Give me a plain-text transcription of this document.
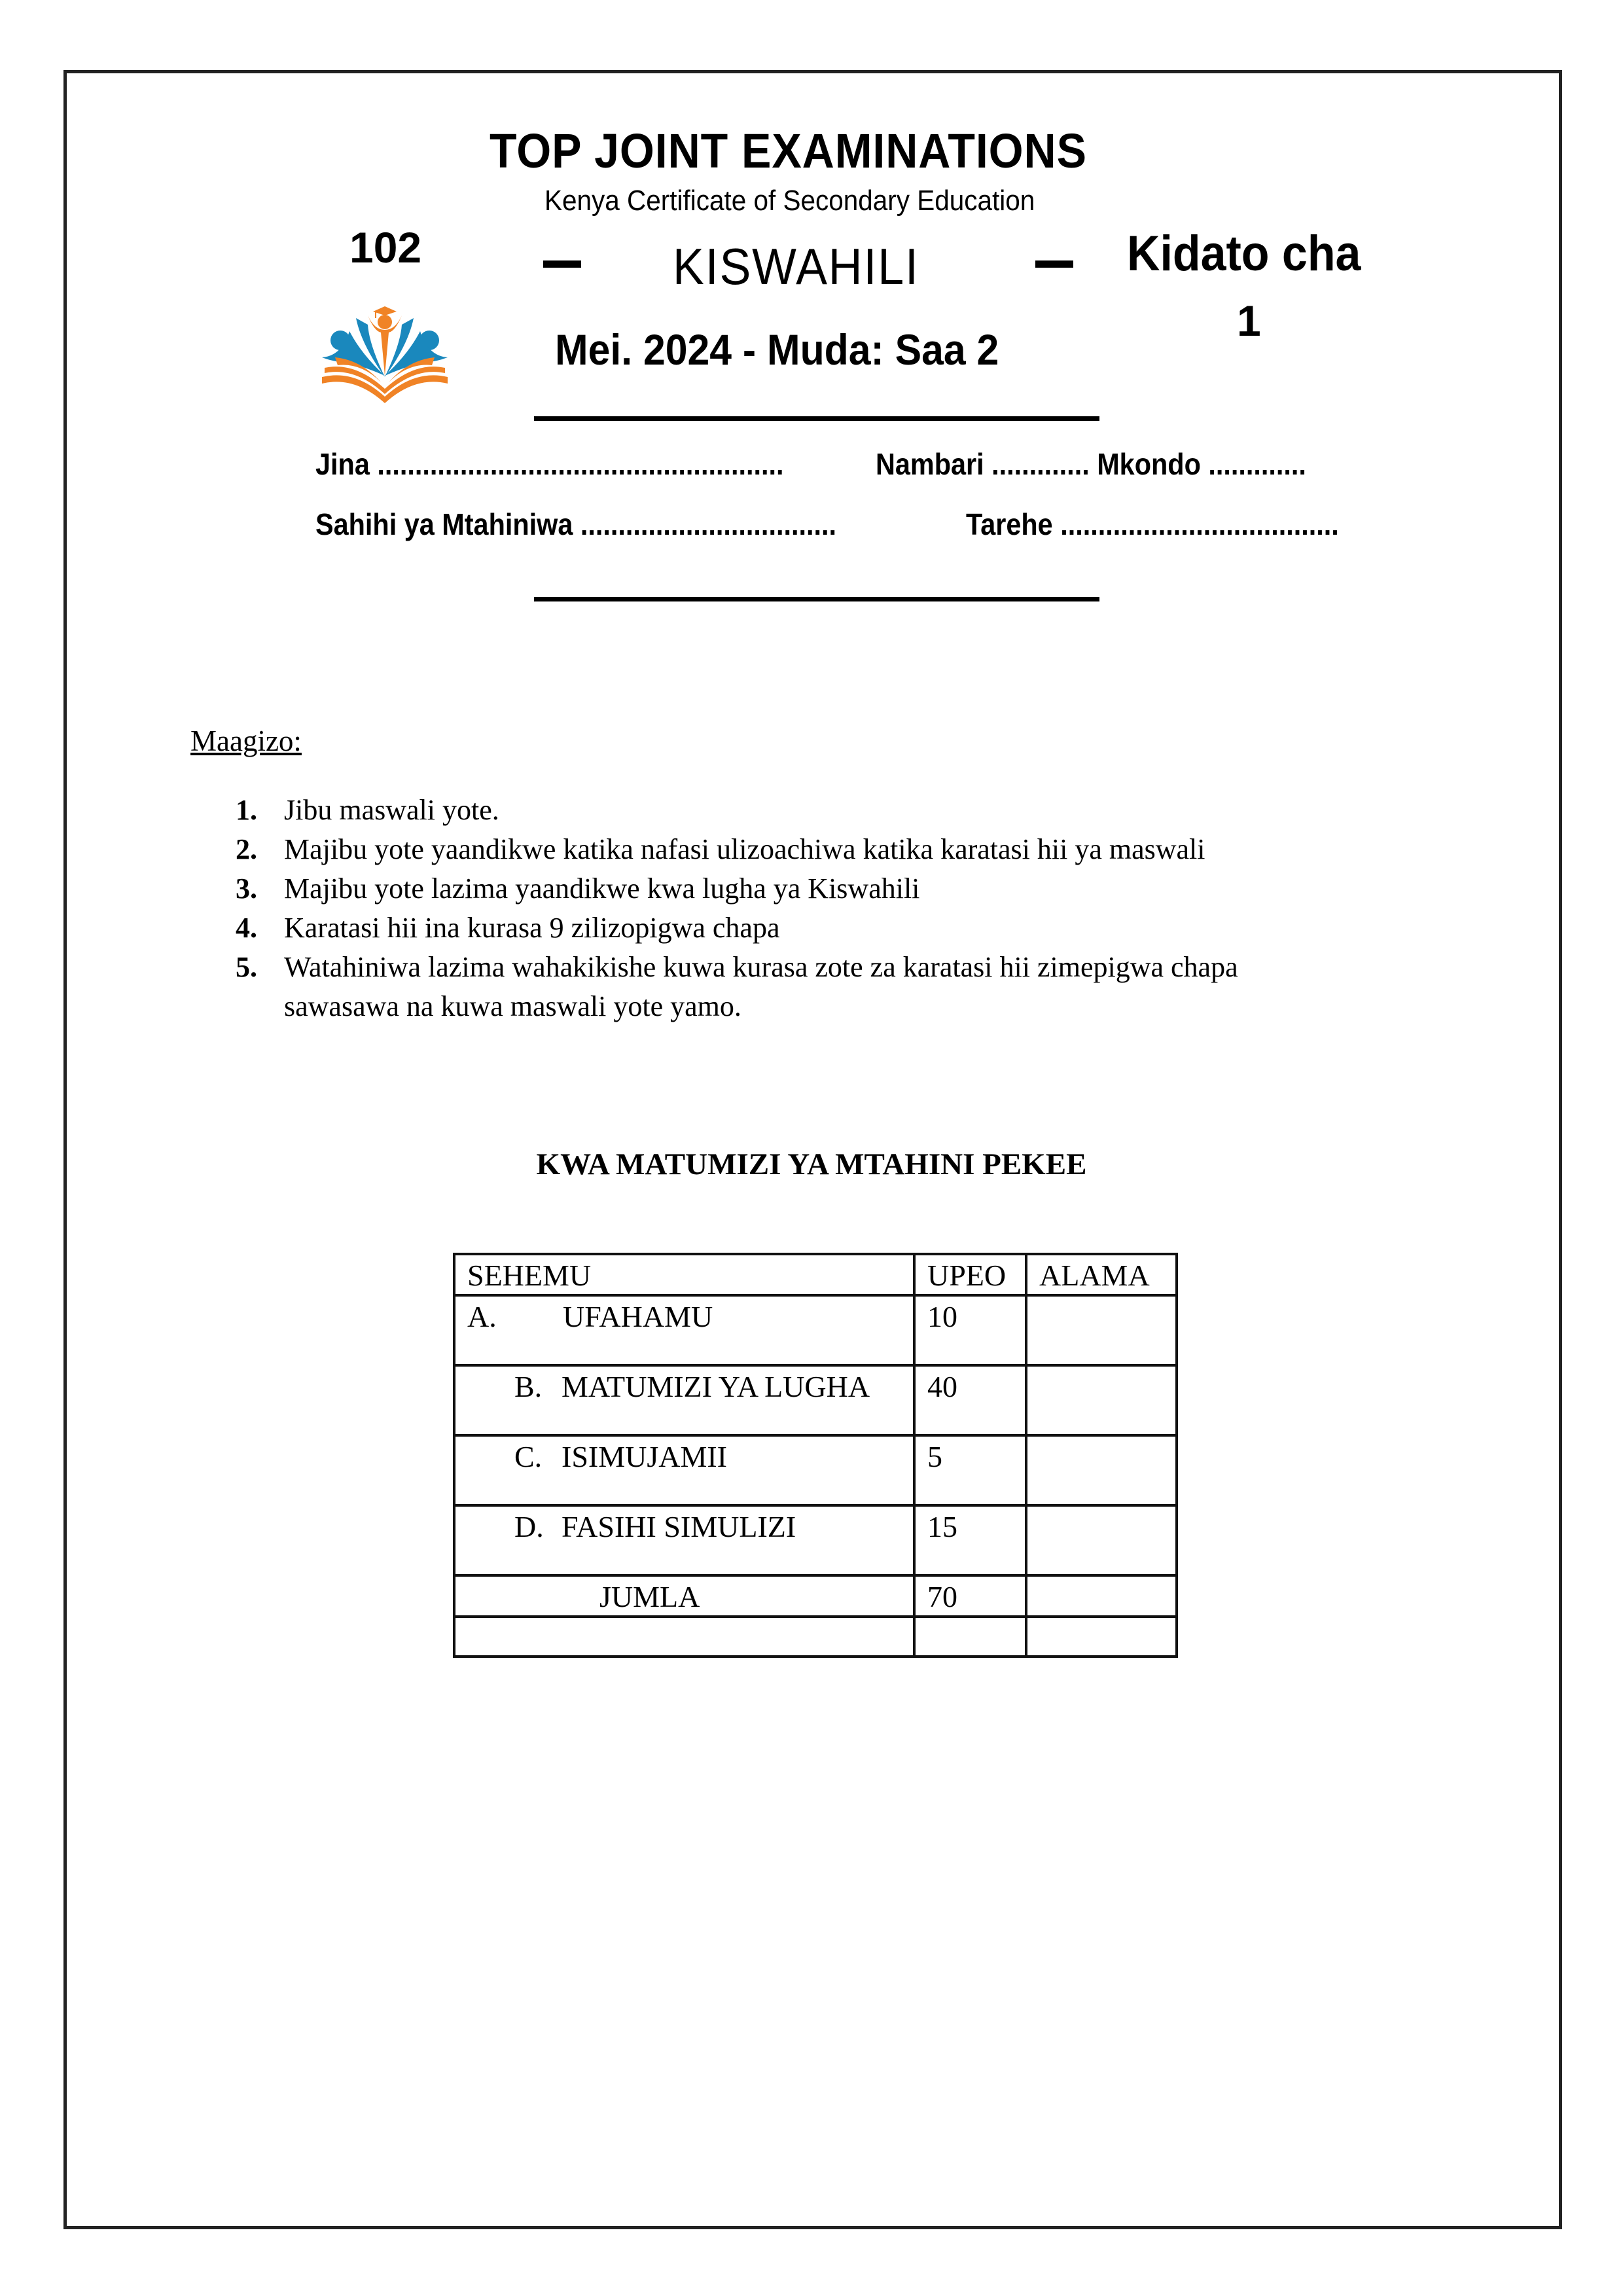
TOP JOINT EXAMINATIONS
Kenya Certificate of Secondary Education
102	KISWAHILI	Kidato cha
1
Mei. 2024 - Muda: Saa 2
Jina ......................................................	Nambari ............. Mkondo .............
Sahihi ya Mtahiniwa ..................................	Tarehe .....................................
Maagizo:
1. Jibu maswali yote.
2. Majibu yote yaandikwe katika nafasi ulizoachiwa katika karatasi hii ya maswali
3. Majibu yote lazima yaandikwe kwa lugha ya Kiswahili
4. Karatasi hii ina kurasa 9 zilizopigwa chapa
5. Watahiniwa lazima wahakikishe kuwa kurasa zote za karatasi hii zimepigwa chapa
sawasawa na kuwa maswali yote yamo.
KWA MATUMIZI YA MTAHINI PEKEE
SEHEMU	UPEO	ALAMA
A. UFAHAMU	10	
B. MATUMIZI YA LUGHA	40	
C. ISIMUJAMII	5	
D. FASIHI SIMULIZI	15	
JUMLA	70	
